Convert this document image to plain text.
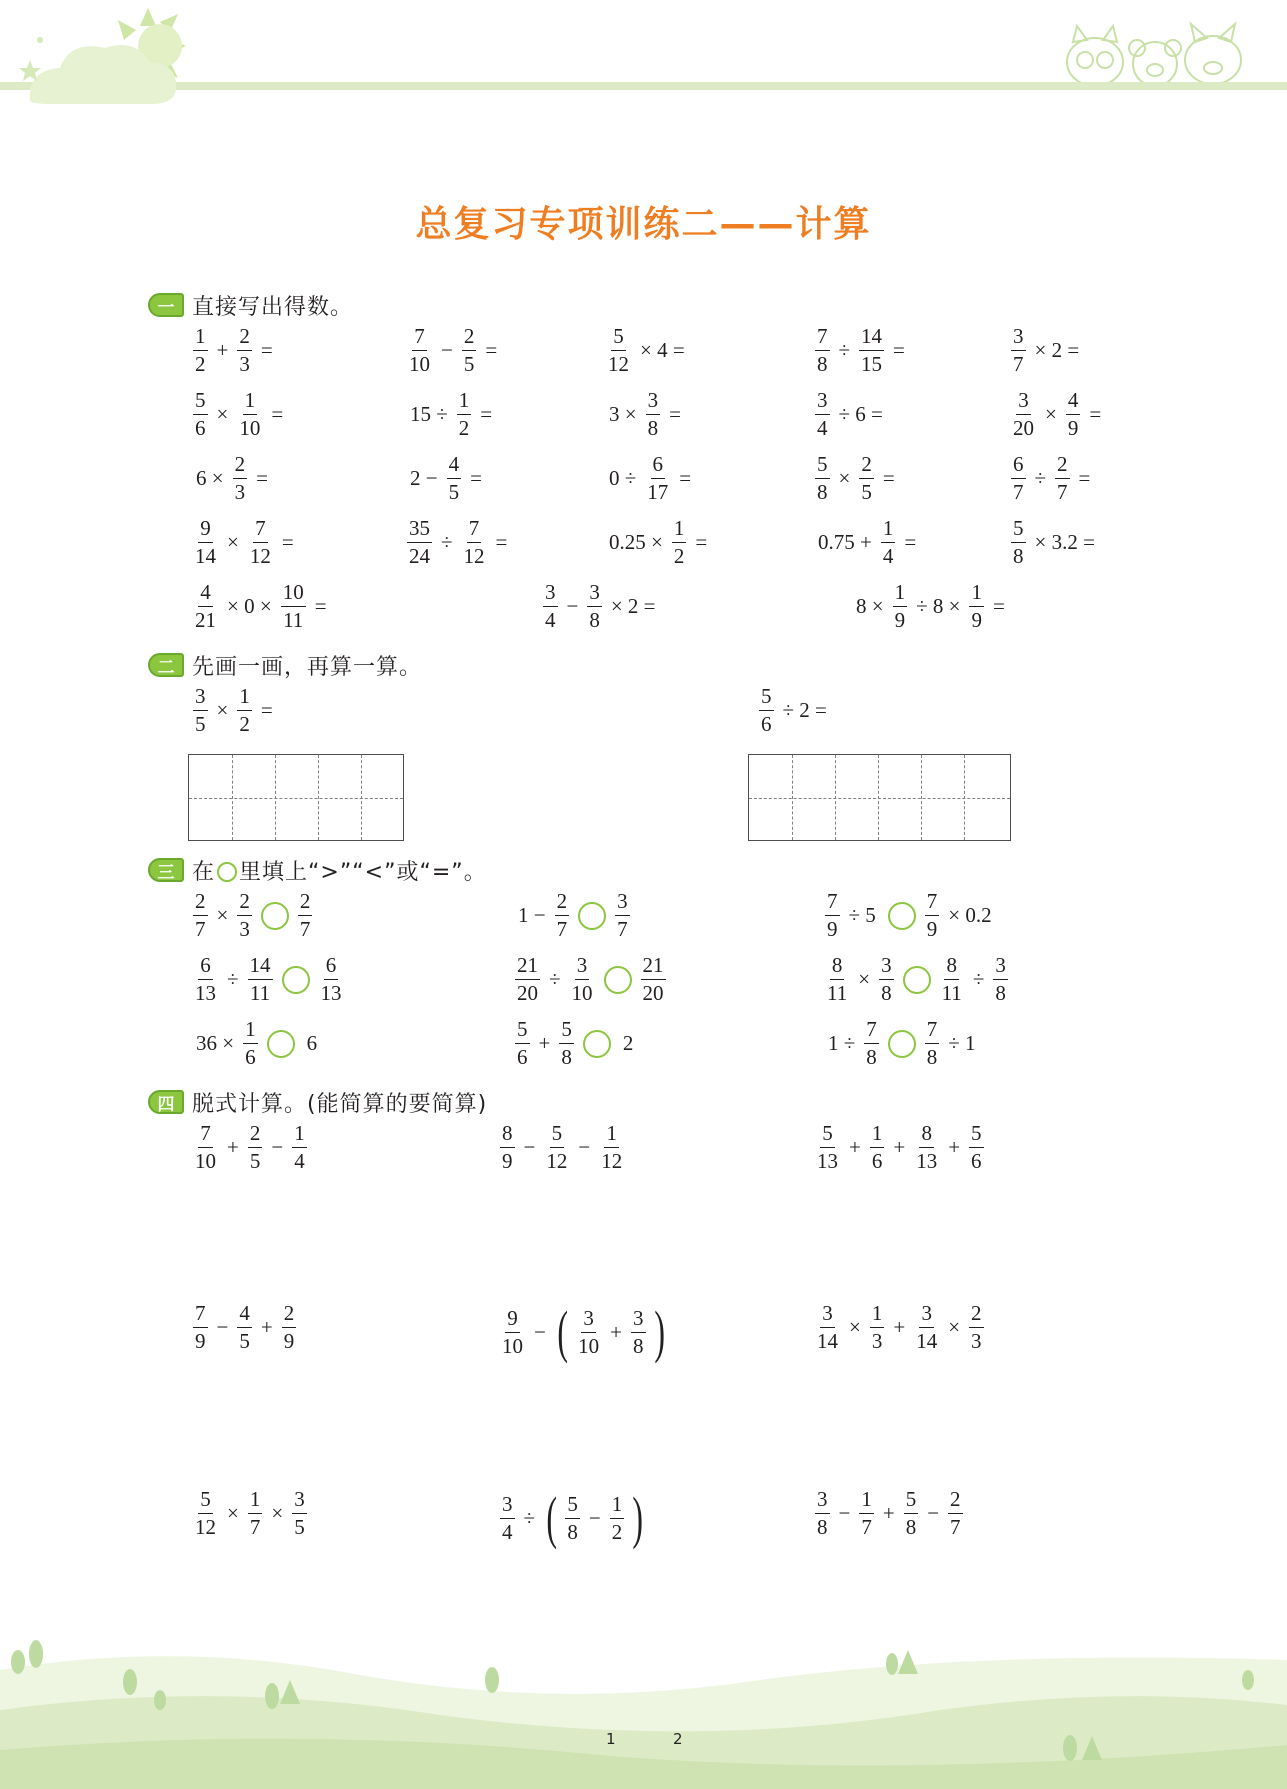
总复习专项训练二——计算
一 直接写出得数。
$\frac{1}{2} + \frac{2}{3}$ =	$\frac{7}{10} - \frac{2}{5}$ =	$\frac{5}{12} \times 4$ =	$\frac{7}{8} \div \frac{14}{15}$ =	$\frac{3}{7} \times 2$ =
$\frac{5}{6} \times \frac{1}{10}$ =	$15 \div \frac{1}{2}$ =	$3 \times \frac{3}{8}$ =	$\frac{3}{4} \div 6$ =	$\frac{3}{20} \times \frac{4}{9}$ =
$6 \times \frac{2}{3}$ =	$2 - \frac{4}{5}$ =	$0 \div \frac{6}{17}$ =	$\frac{5}{8} \times \frac{2}{5}$ =	$\frac{6}{7} \div \frac{2}{7}$ =
$\frac{9}{14} \times \frac{7}{12}$ =	$\frac{35}{24} \div \frac{7}{12}$ =	$0.25 \times \frac{1}{2}$ =	$0.75 + \frac{1}{4}$ =	$\frac{5}{8} \times 3.2$ =
$\frac{4}{21} \times 0 \times \frac{10}{11}$ =	$\frac{3}{4} - \frac{3}{8} \times 2$ =	$8 \times \frac{1}{9} \div 8 \times \frac{1}{9}$ =
二 先画一画，再算一算。
$\frac{3}{5} \times \frac{1}{2}$ =	$\frac{5}{6} \div 2$ =
三 在 里填上“>”“<”或“=”。
$\frac{2}{7} \times \frac{2}{3} \frac{2}{7}$	$1 - \frac{2}{7} \frac{3}{7}$	$\frac{7}{9} \div 5 \frac{7}{9} \times 0.2$
$\frac{6}{13} \div \frac{14}{11} \frac{6}{13}$	$\frac{21}{20} \div \frac{3}{10} \frac{21}{20}$	$\frac{8}{11} \times \frac{3}{8} \frac{8}{11} \div \frac{3}{8}$
$36 \times \frac{1}{6} 6$	$\frac{5}{6} + \frac{5}{8} 2$	$1 \div \frac{7}{8} \frac{7}{8} \div 1$
四 脱式计算。(能简算的要简算)
$\frac{7}{10} + \frac{2}{5} - \frac{1}{4}$	$\frac{8}{9} - \frac{5}{12} - \frac{1}{12}$	$\frac{5}{13} + \frac{1}{6} + \frac{8}{13} + \frac{5}{6}$
$\frac{7}{9} - \frac{4}{5} + \frac{2}{9}$	$\frac{9}{10}$ − ( $\frac{3}{10} + \frac{3}{8}$ )	$\frac{3}{14} \times \frac{1}{3} + \frac{3}{14} \times \frac{2}{3}$
$\frac{5}{12} \times \frac{1}{7} \times \frac{3}{5}$	$\frac{3}{4}$ ÷ ( $\frac{5}{8} - \frac{1}{2}$ )	$\frac{3}{8} - \frac{1}{7} + \frac{5}{8} - \frac{2}{7}$
1	2
